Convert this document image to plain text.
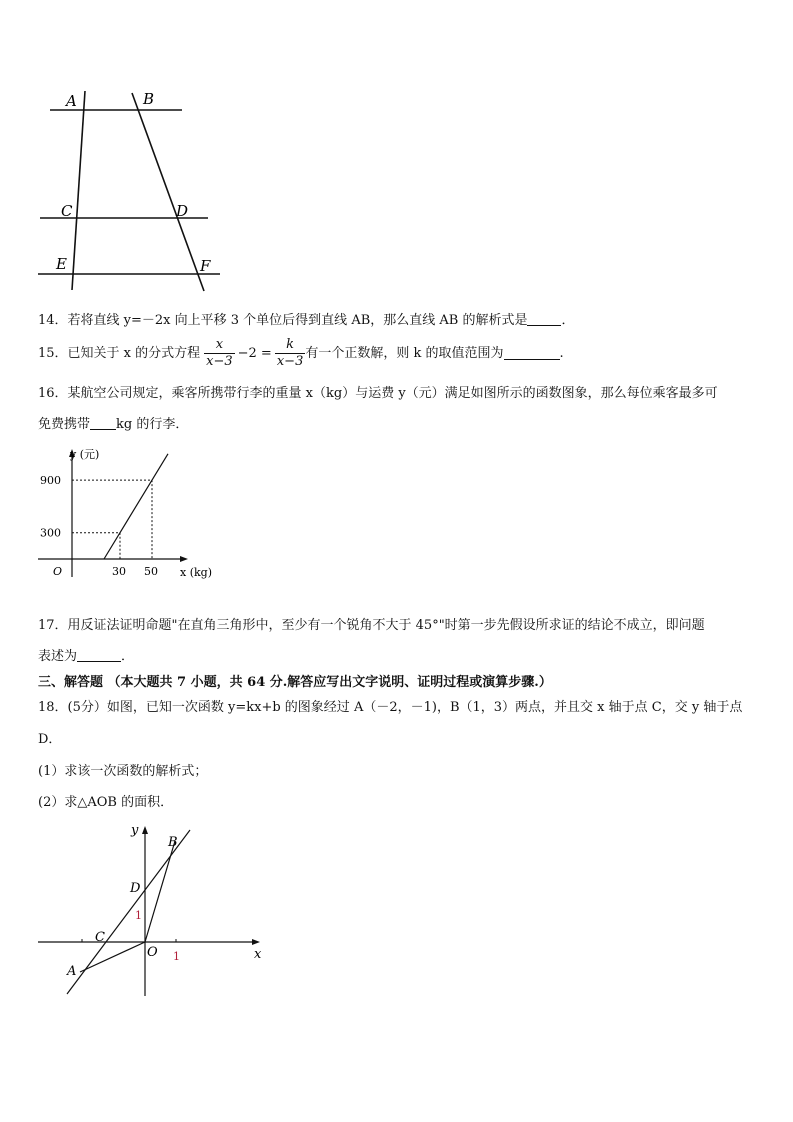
A	B
C	D
E	F
14．若将直线 y=－2x 向上平移 3 个单位后得到直线 AB，那么直线 AB 的解析式是	．
15．已知关于 x 的分式方程 $\frac{x}{x-3} -2 = \frac{k}{x-3}$ 有一个正数解，则 k 的取值范围为	.
16．某航空公司规定，乘客所携带行李的重量 x（kg）与运费 y（元）满足如图所示的函数图象，那么每位乘客最多可
免费携带 kg 的行李．
900
300
30 50
O
y (元)
x (kg)
17．用反证法证明命题"在直角三角形中，至少有一个锐角不大于 45°"时第一步先假设所求证的结论不成立，即问题
表述为	．
三、解答题 （本大题共 7 小题，共 64 分.解答应写出文字说明、证明过程或演算步骤.）
18．(5分）如图，已知一次函数 y=kx+b 的图象经过 A（－2，－1)，B（1，3）两点，并且交 x 轴于点 C，交 y 轴于点
D．
(1）求该一次函数的解析式；
(2）求△AOB 的面积．
y
x
B
D
1
C
O 1
A
